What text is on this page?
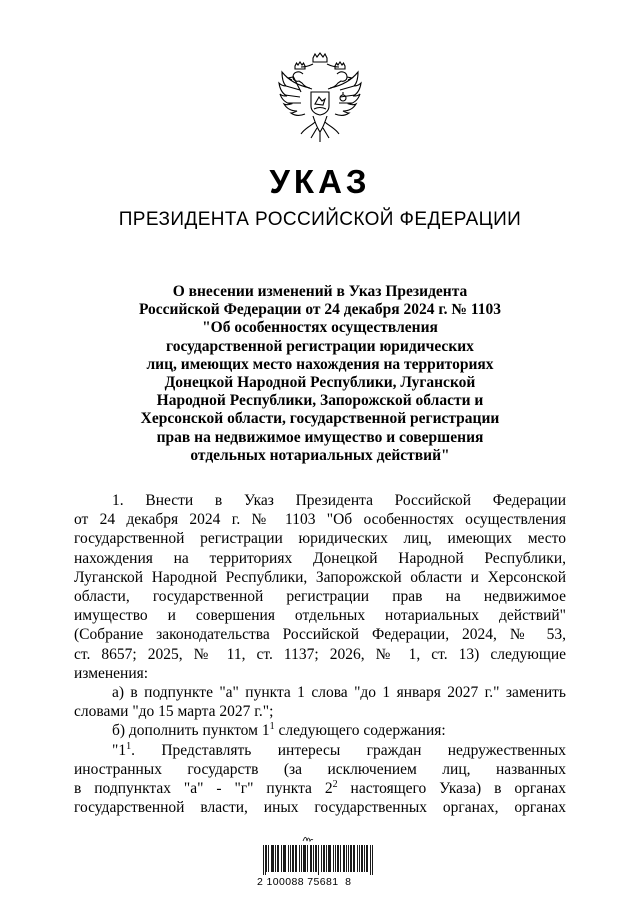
УКАЗ
ПРЕЗИДЕНТА РОССИЙСКОЙ ФЕДЕРАЦИИ
О внесении изменений в Указ Президента
Российской Федерации от 24 декабря 2024 г. № 1103
"Об особенностях осуществления
государственной регистрации юридических
лиц, имеющих место нахождения на территориях
Донецкой Народной Республики, Луганской
Народной Республики, Запорожской области и
Херсонской области, государственной регистрации
прав на недвижимое имущество и совершения
отдельных нотариальных действий"
1. Внести в Указ Президента Российской Федерации
от 24 декабря 2024 г. № 1103 "Об особенностях осуществления
государственной регистрации юридических лиц, имеющих место
нахождения на территориях Донецкой Народной Республики,
Луганской Народной Республики, Запорожской области и Херсонской
области, государственной регистрации прав на недвижимое
имущество и совершения отдельных нотариальных действий"
(Собрание законодательства Российской Федерации, 2024, № 53,
ст. 8657; 2025, № 11, ст. 1137; 2026, № 1, ст. 13) следующие
изменения:
а) в подпункте "а" пункта 1 слова "до 1 января 2027 г." заменить
словами "до 15 марта 2027 г.";
б) дополнить пунктом $1^1$ следующего содержания:
"$1^1$. Представлять интересы граждан недружественных
иностранных государств (за исключением лиц, названных
в подпунктах "а" - "г" пункта $2^2$ настоящего Указа) в органах
государственной власти, иных государственных органах, органах
2 100088 75681  8
